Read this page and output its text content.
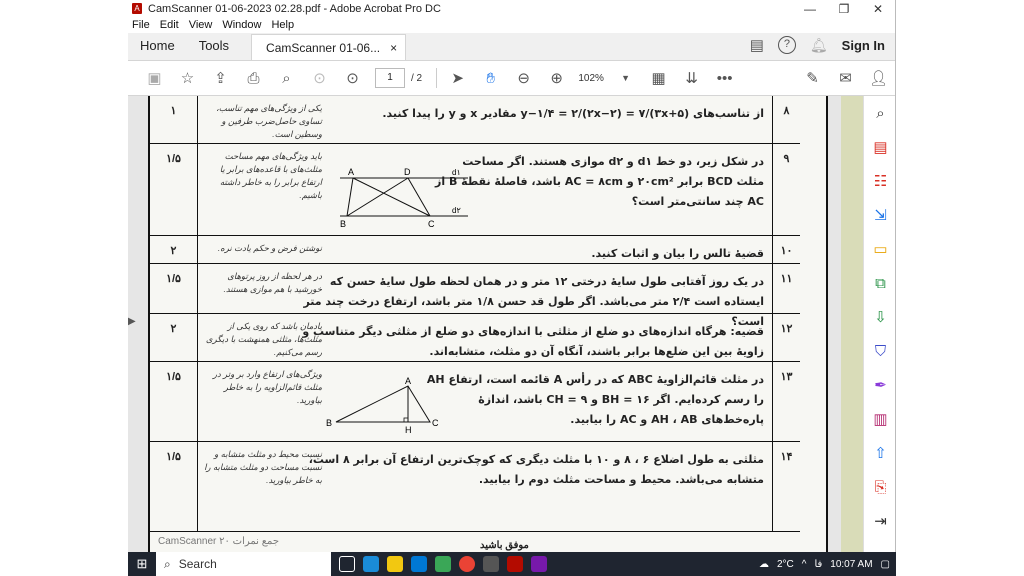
A CamScanner 01-06-2023 02.28.pdf - Adobe Acrobat Pro DC	—	❐	✕
File Edit View Window Help
Home	Tools	CamScanner 01-06... ×	▤	?	🔔︎ Sign In
▣	☆	⇪	⎙	⌕	⊙	⊙	1	/ 2	➤	✋︎	⊖	⊕	102%	▼	▦	⇊	•••	✎	✉	👤︎
▶
۱	یکی از ویژگی‌های مهم تناسب، تساوی حاصل‌ضرب طرفین و وسطین است.
از تناسب‌های y−۱/۴ = ۲/(۲x−۲) = ۷/(۳x+۵) مقادیر x و y را پیدا کنید.	۸
۱/۵	باید ویژگی‌های مهم مساحت مثلث‌های با قاعده‌های برابر یا ارتفاع برابر را به خاطر داشته باشیم.
A	D
B	C
d۱
d۲
در شکل زیر، دو خط d۱ و d۲ موازی هستند. اگر مساحت مثلث BCD برابر ۲۰cm² و AC = ۸cm باشد، فاصلهٔ نقطهٔ B از AC چند سانتی‌متر است؟
۹
۲	نوشتن فرض و حکم یادت نره.	قضیهٔ تالس را بیان و اثبات کنید.	۱۰
۱/۵	در هر لحظه از روز پرتوهای خورشید با هم موازی هستند.
در یک روز آفتابی طول سایهٔ درختی ۱۲ متر و در همان لحظه طول سایهٔ حسن که ایستاده است ۲/۴ متر می‌باشد. اگر طول قد حسن ۱/۸ متر باشد، ارتفاع درخت چند متر است؟
۱۱
۲	یادمان باشد که روی یکی از مثلث‌ها، مثلثی همنهشت با دیگری رسم می‌کنیم.
قضیه: هرگاه اندازه‌های دو ضلع از مثلثی با اندازه‌های دو ضلع از مثلثی دیگر متناسب و زاویهٔ بین این ضلع‌ها برابر باشند، آنگاه آن دو مثلث، متشابه‌اند.
۱۲
۱/۵	ویژگی‌های ارتفاع وارد بر وتر در مثلث قائم‌الزاویه را به خاطر بیاورید.
A
B	C
H
در مثلث قائم‌الزاویهٔ ABC که در رأس A قائمه است، ارتفاع AH را رسم کرده‌ایم. اگر BH = ۱۶ و CH = ۹ باشد، اندازهٔ پاره‌خط‌های AH ، AB و AC را بیابید.
۱۳
۱/۵	نسبت محیط دو مثلث متشابه و نسبت مساحت دو مثلث متشابه را به خاطر بیاورید.
مثلثی به طول اضلاع ۶ ، ۸ و ۱۰ با مثلث دیگری که کوچک‌ترین ارتفاع آن برابر ۸ است، متشابه می‌باشد. محیط و مساحت مثلث دوم را بیابید.
۱۴
CamScanner جمع نمرات ۲۰	موفق باشید
⌕
▤
☷
⇲
▭
⧉
⇩
⛉
✒
▥
⇧
⎘
⇥
⊞	⌕ Search	☁ 2°C ^ فا 10:07 AM ▢
